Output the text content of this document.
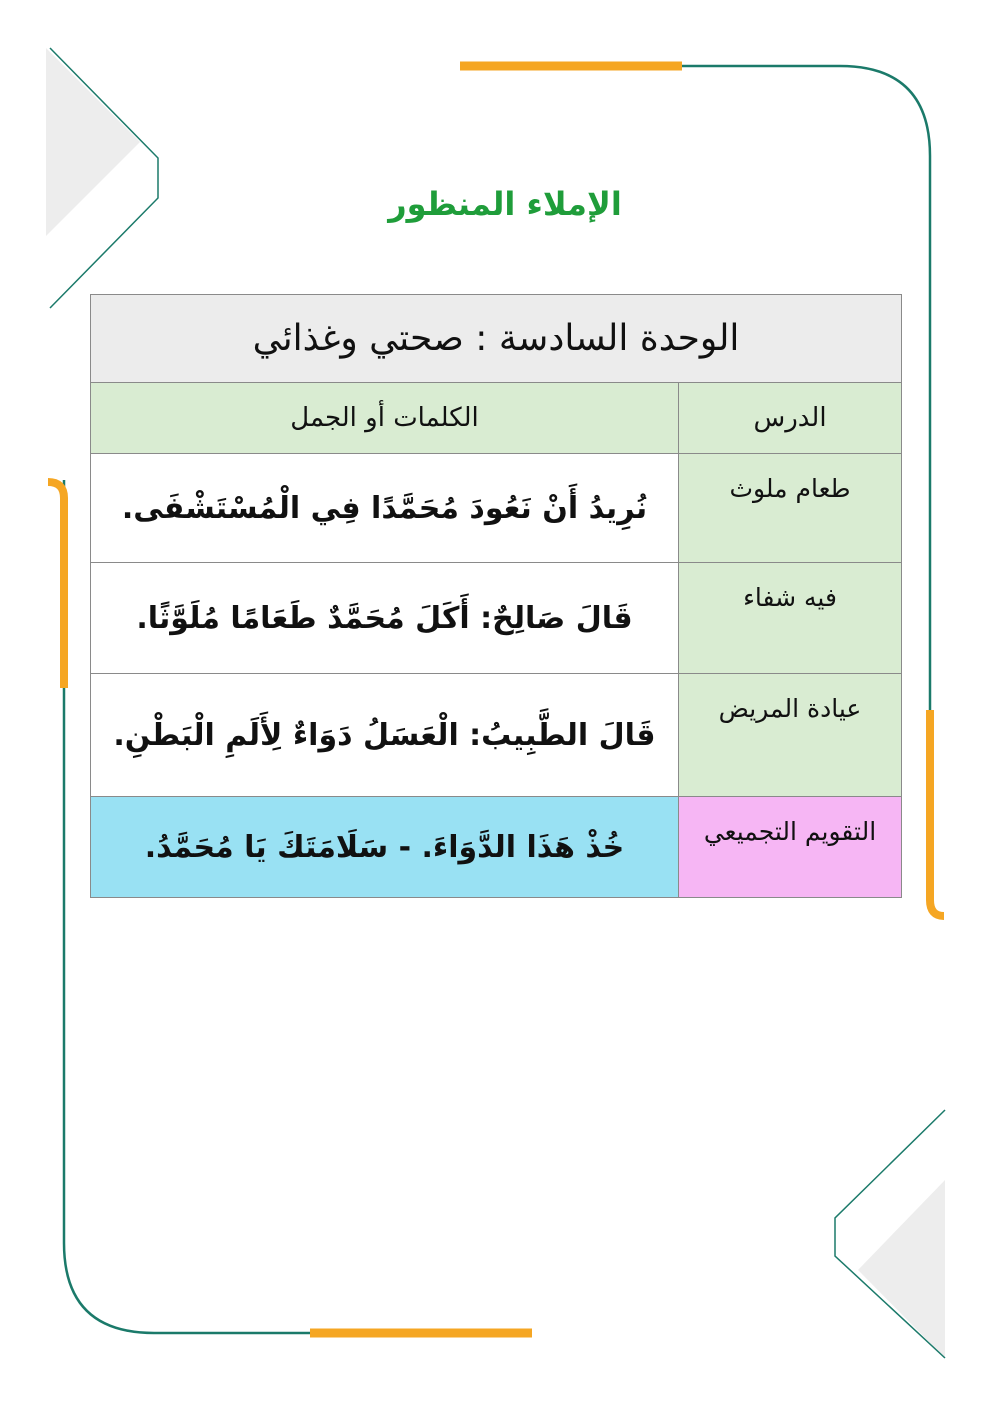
الإملاء المنظور
الوحدة السادسة : صحتي وغذائي	
الدرس	الكلمات أو الجمل
طعام ملوث	نُرِيدُ أَنْ نَعُودَ مُحَمَّدًا فِي الْمُسْتَشْفَى.
فيه شفاء	قَالَ صَالِحٌ: أَكَلَ مُحَمَّدٌ طَعَامًا مُلَوَّثًا.
عيادة المريض	قَالَ الطَّبِيبُ: الْعَسَلُ دَوَاءٌ لِأَلَمِ الْبَطْنِ.
التقويم التجميعي	خُذْ هَذَا الدَّوَاءَ. - سَلَامَتَكَ يَا مُحَمَّدُ.
